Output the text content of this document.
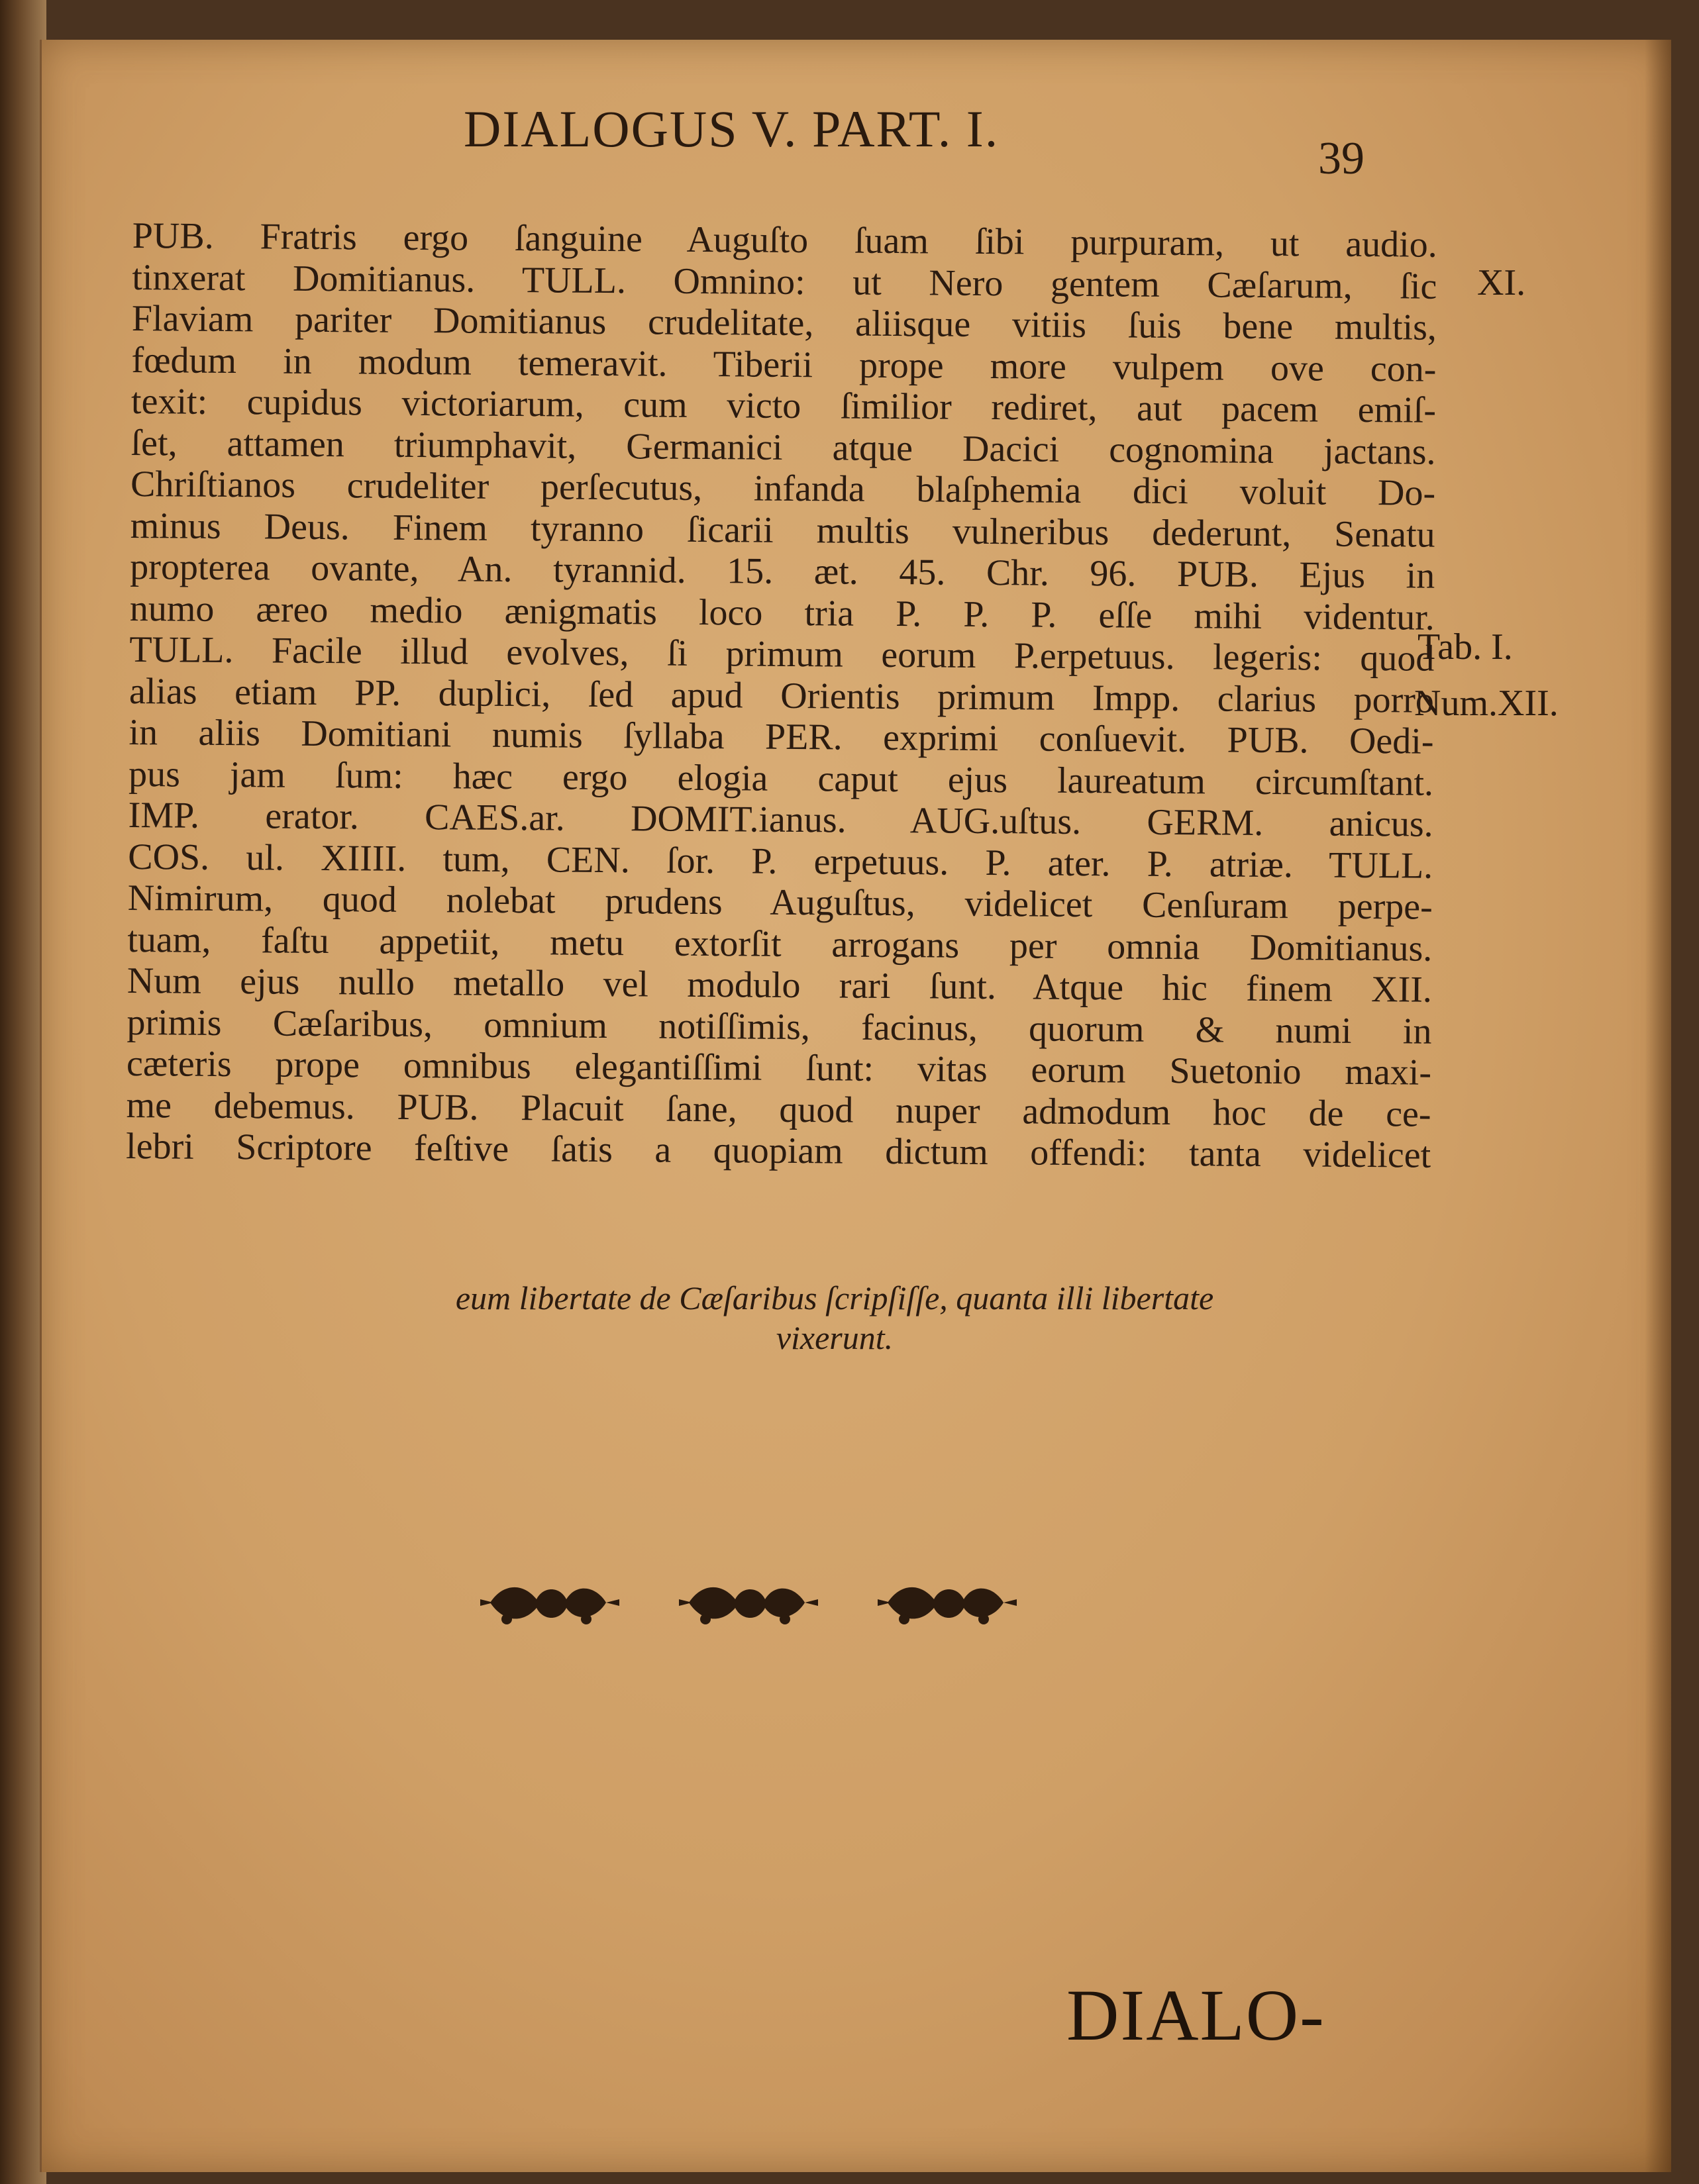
DIALOGUS V. PART. I.
39
XI.
Tab. I.
Num.XII.
PUB. Fratris ergo ſanguine Auguſto ſuam ſibi purpuram, ut audio.
tinxerat Domitianus. TULL. Omnino: ut Nero gentem Cæſarum, ſic
Flaviam pariter Domitianus crudelitate, aliisque vitiis ſuis bene multis,
fœdum in modum temeravit. Tiberii prope more vulpem ove con-
texit: cupidus victoriarum, cum victo ſimilior rediret, aut pacem emiſ-
ſet, attamen triumphavit, Germanici atque Dacici cognomina jactans.
Chriſtianos crudeliter perſecutus, infanda blaſphemia dici voluit Do-
minus Deus. Finem tyranno ſicarii multis vulneribus dederunt, Senatu
propterea ovante, An. tyrannid. 15. æt. 45. Chr. 96. PUB. Ejus in
numo æreo medio ænigmatis loco tria P. P. P. eſſe mihi videntur.
TULL. Facile illud evolves, ſi primum eorum P.erpetuus. legeris: quod
alias etiam PP. duplici, ſed apud Orientis primum Impp. clarius porro
in aliis Domitiani numis ſyllaba PER. exprimi conſuevit. PUB. Oedi-
pus jam ſum: hæc ergo elogia caput ejus laureatum circumſtant.
IMP. erator. CAES.ar. DOMIT.ianus. AUG.uſtus. GERM. anicus.
COS. ul. XIIII. tum, CEN. ſor. P. erpetuus. P. ater. P. atriæ. TULL.
Nimirum, quod nolebat prudens Auguſtus, videlicet Cenſuram perpe-
tuam, faſtu appetiit, metu extorſit arrogans per omnia Domitianus.
Num ejus nullo metallo vel modulo rari ſunt. Atque hic finem XII.
primis Cæſaribus, omnium notiſſimis, facinus, quorum & numi in
cæteris prope omnibus elegantiſſimi ſunt: vitas eorum Suetonio maxi-
me debemus. PUB. Placuit ſane, quod nuper admodum hoc de ce-
lebri Scriptore feſtive ſatis a quopiam dictum offendi: tanta videlicet
eum libertate de Cæſaribus ſcripſiſſe, quanta illi libertate
vixerunt.
DIALO-
